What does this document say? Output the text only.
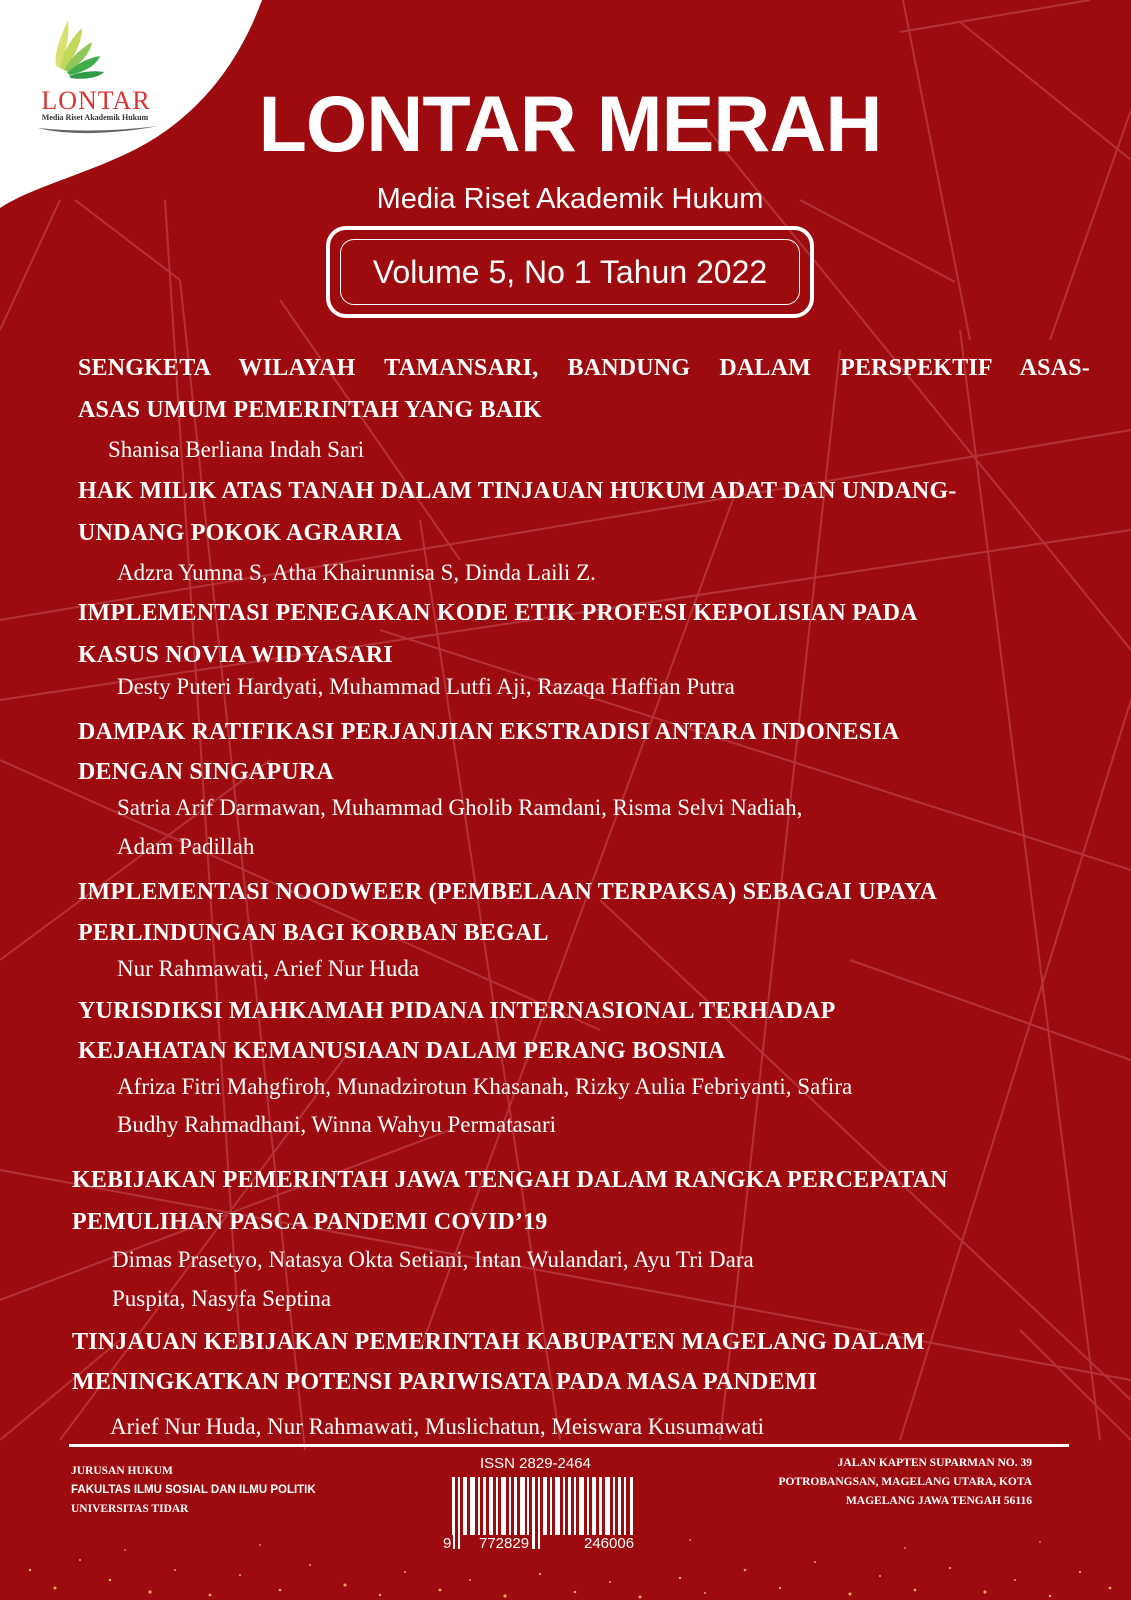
LONTAR
Media Riset Akademik Hukum	LONTAR MERAH
Media Riset Akademik Hukum
Volume 5, No 1 Tahun 2022
SENGKETA WILAYAH TAMANSARI, BANDUNG DALAM PERSPEKTIF ASAS-
ASAS UMUM PEMERINTAH YANG BAIK
Shanisa Berliana Indah Sari
HAK MILIK ATAS TANAH DALAM TINJAUAN HUKUM ADAT DAN UNDANG-
UNDANG POKOK AGRARIA
Adzra Yumna S, Atha Khairunnisa S, Dinda Laili Z.
IMPLEMENTASI PENEGAKAN KODE ETIK PROFESI KEPOLISIAN PADA
KASUS NOVIA WIDYASARI
Desty Puteri Hardyati, Muhammad Lutfi Aji, Razaqa Haffian Putra
DAMPAK RATIFIKASI PERJANJIAN EKSTRADISI ANTARA INDONESIA
DENGAN SINGAPURA
Satria Arif Darmawan, Muhammad Gholib Ramdani, Risma Selvi Nadiah,
Adam Padillah
IMPLEMENTASI NOODWEER (PEMBELAAN TERPAKSA) SEBAGAI UPAYA
PERLINDUNGAN BAGI KORBAN BEGAL
Nur Rahmawati, Arief Nur Huda
YURISDIKSI MAHKAMAH PIDANA INTERNASIONAL TERHADAP
KEJAHATAN KEMANUSIAAN DALAM PERANG BOSNIA
Afriza Fitri Mahgfiroh, Munadzirotun Khasanah, Rizky Aulia Febriyanti, Safira
Budhy Rahmadhani, Winna Wahyu Permatasari
KEBIJAKAN PEMERINTAH JAWA TENGAH DALAM RANGKA PERCEPATAN
PEMULIHAN PASCA PANDEMI COVID’19
Dimas Prasetyo, Natasya Okta Setiani, Intan Wulandari, Ayu Tri Dara
Puspita, Nasyfa Septina
TINJAUAN KEBIJAKAN PEMERINTAH KABUPATEN MAGELANG DALAM
MENINGKATKAN POTENSI PARIWISATA PADA MASA PANDEMI
Arief Nur Huda, Nur Rahmawati, Muslichatun, Meiswara Kusumawati
JURUSAN HUKUM
FAKULTAS ILMU SOSIAL DAN ILMU POLITIK
UNIVERSITAS TIDAR
ISSN 2829-2464
9 772829	246006
JALAN KAPTEN SUPARMAN NO. 39
POTROBANGSAN, MAGELANG UTARA, KOTA
MAGELANG JAWA TENGAH 56116
